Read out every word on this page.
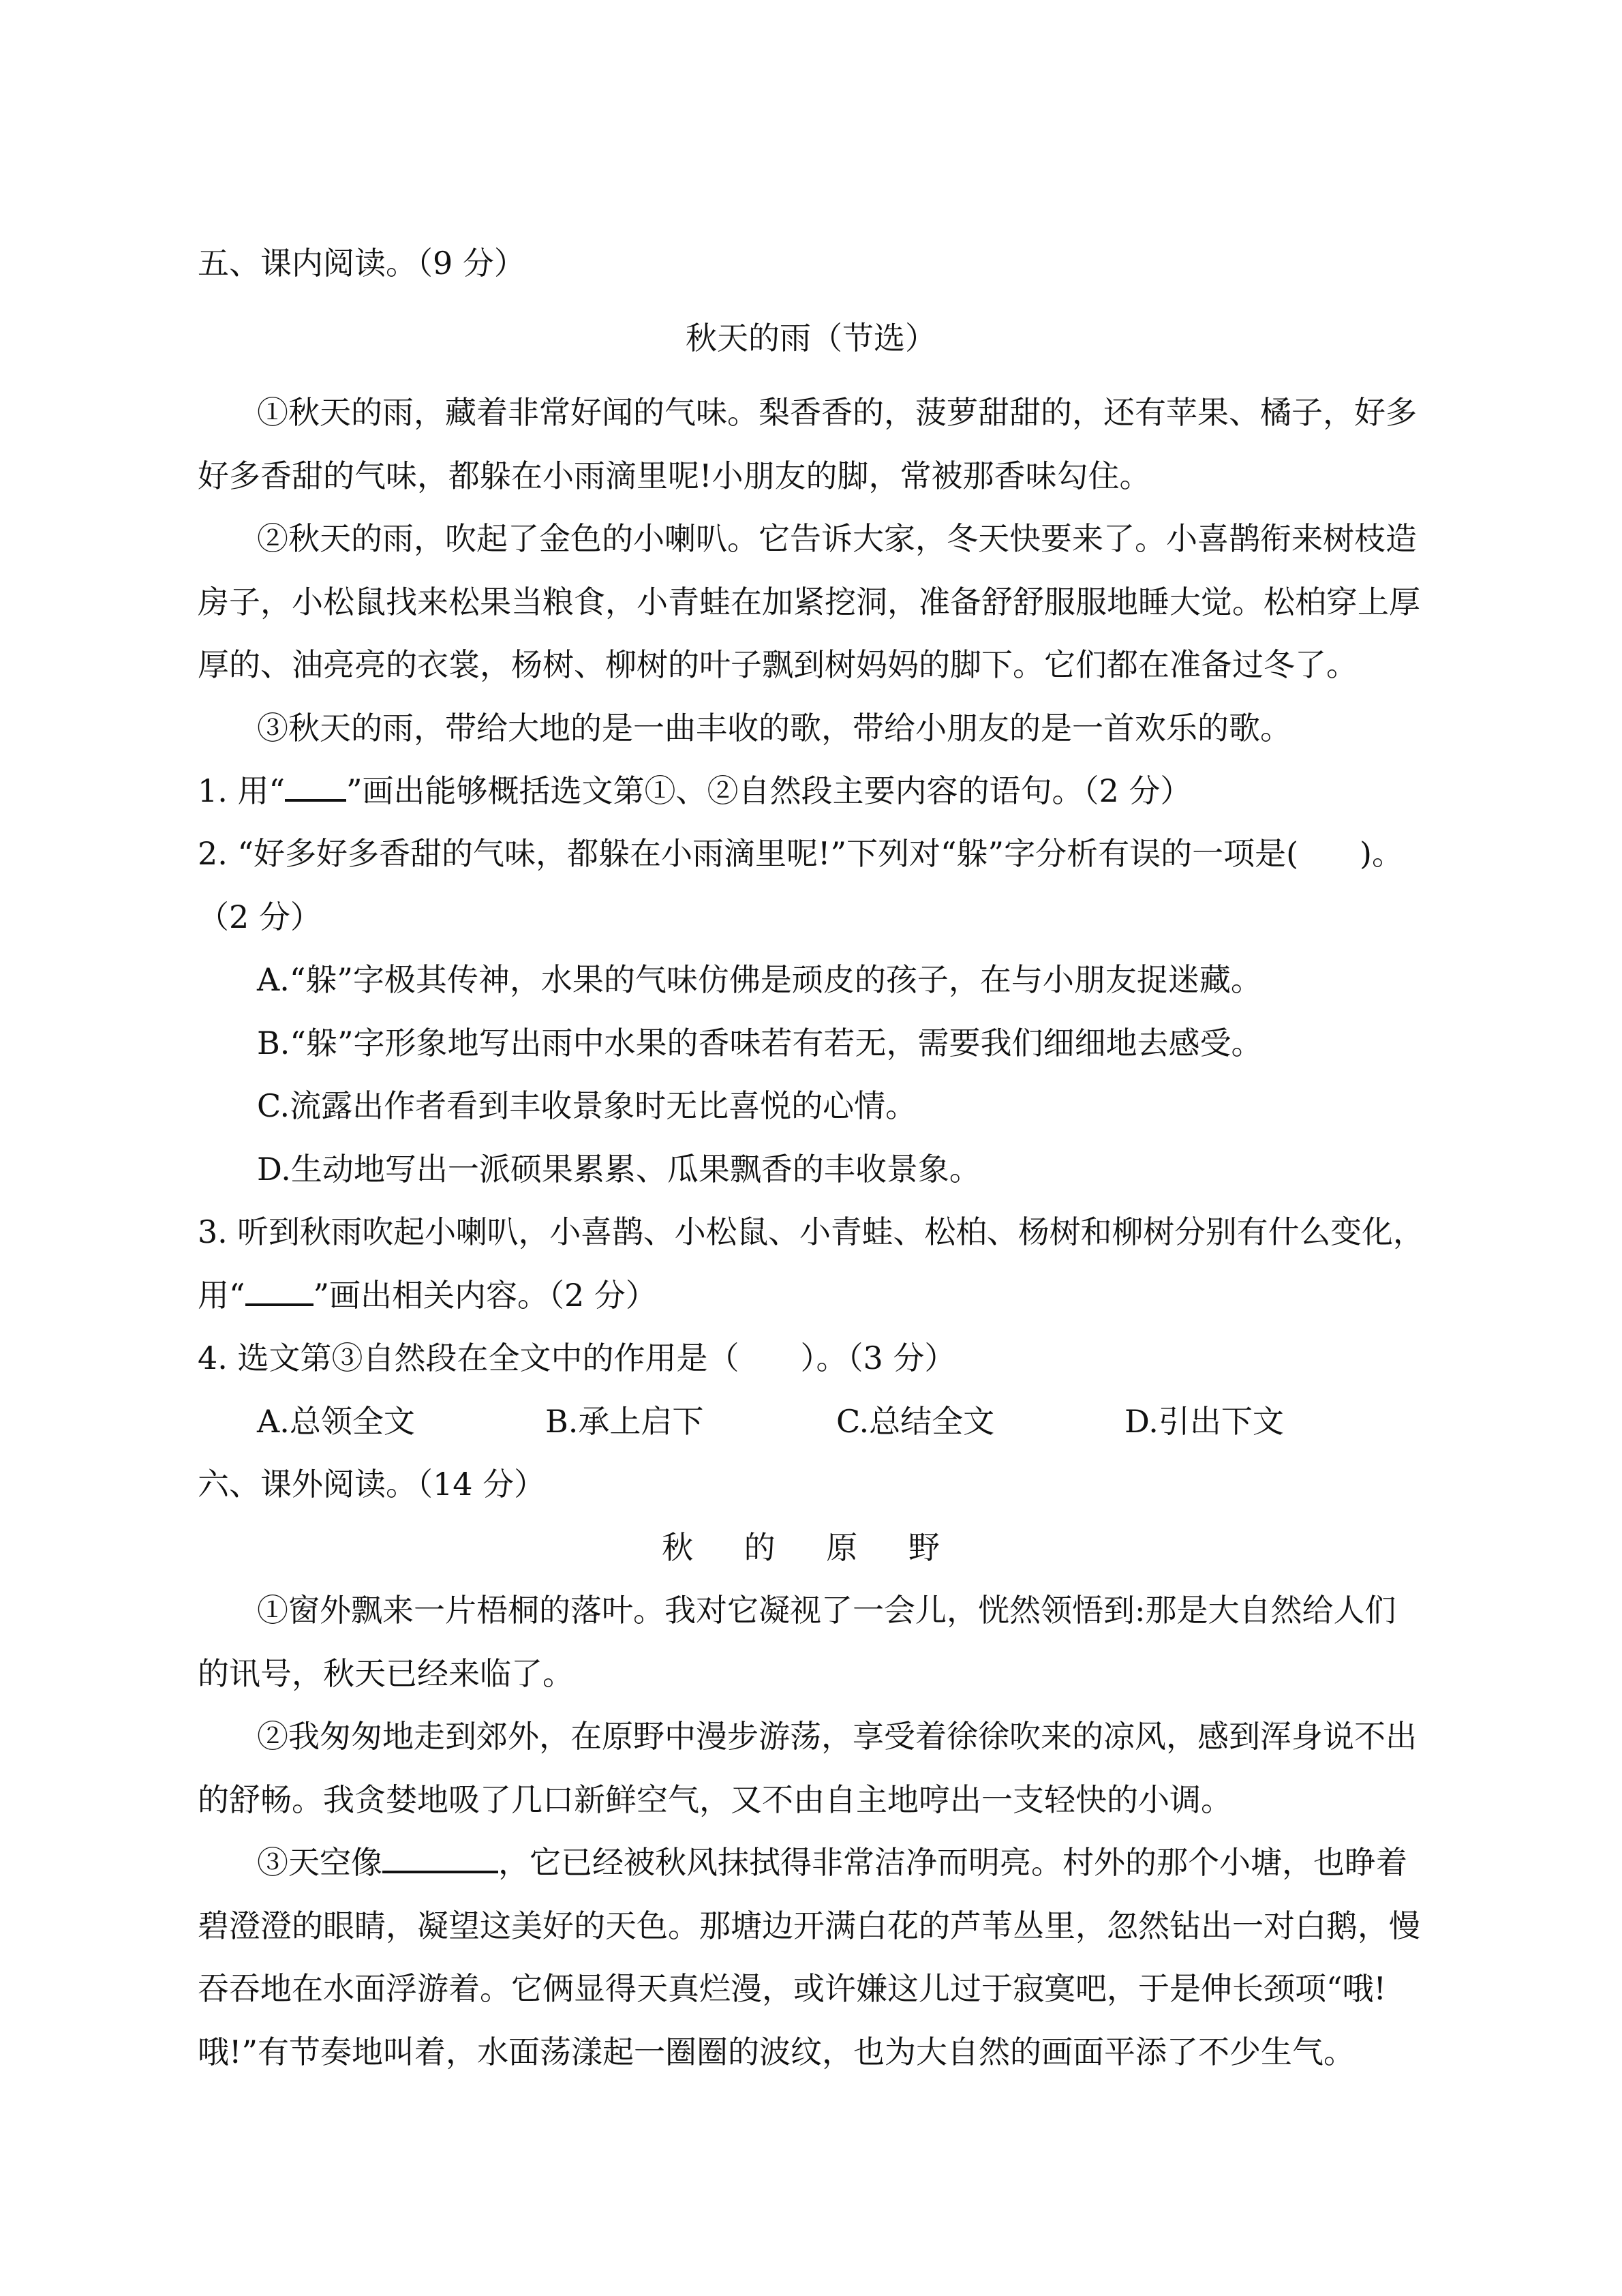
五、课内阅读。（9 分）
秋天的雨（节选）
①秋天的雨，藏着非常好闻的气味。梨香香的，菠萝甜甜的，还有苹果、橘子，好多
好多香甜的气味，都躲在小雨滴里呢!小朋友的脚，常被那香味勾住。
②秋天的雨，吹起了金色的小喇叭。它告诉大家，冬天快要来了。小喜鹊衔来树枝造
房子，小松鼠找来松果当粮食，小青蛙在加紧挖洞，准备舒舒服服地睡大觉。松柏穿上厚
厚的、油亮亮的衣裳，杨树、柳树的叶子飘到树妈妈的脚下。它们都在准备过冬了。
③秋天的雨，带给大地的是一曲丰收的歌，带给小朋友的是一首欢乐的歌。
1. 用“ ”画出能够概括选文第①、②自然段主要内容的语句。（2 分）
2. “好多好多香甜的气味，都躲在小雨滴里呢!”下列对“躲”字分析有误的一项是( )。
（2 分）
A.“躲”字极其传神，水果的气味仿佛是顽皮的孩子，在与小朋友捉迷藏。
B.“躲”字形象地写出雨中水果的香味若有若无，需要我们细细地去感受。
C.流露出作者看到丰收景象时无比喜悦的心情。
D.生动地写出一派硕果累累、瓜果飘香的丰收景象。
3. 听到秋雨吹起小喇叭，小喜鹊、小松鼠、小青蛙、松柏、杨树和柳树分别有什么变化，
用“ ”画出相关内容。（2 分）
4. 选文第③自然段在全文中的作用是（ ）。（3 分）
A.总领全文	B.承上启下	C.总结全文	D.引出下文
六、课外阅读。（14 分）
秋 的 原 野
①窗外飘来一片梧桐的落叶。我对它凝视了一会儿，恍然领悟到:那是大自然给人们
的讯号，秋天已经来临了。
②我匆匆地走到郊外，在原野中漫步游荡，享受着徐徐吹来的凉风，感到浑身说不出
的舒畅。我贪婪地吸了几口新鲜空气，又不由自主地哼出一支轻快的小调。
③天空像	，它已经被秋风抹拭得非常洁净而明亮。村外的那个小塘，也睁着
碧澄澄的眼睛，凝望这美好的天色。那塘边开满白花的芦苇丛里，忽然钻出一对白鹅，慢
吞吞地在水面浮游着。它俩显得天真烂漫，或许嫌这儿过于寂寞吧，于是伸长颈项“哦!
哦!”有节奏地叫着，水面荡漾起一圈圈的波纹，也为大自然的画面平添了不少生气。
